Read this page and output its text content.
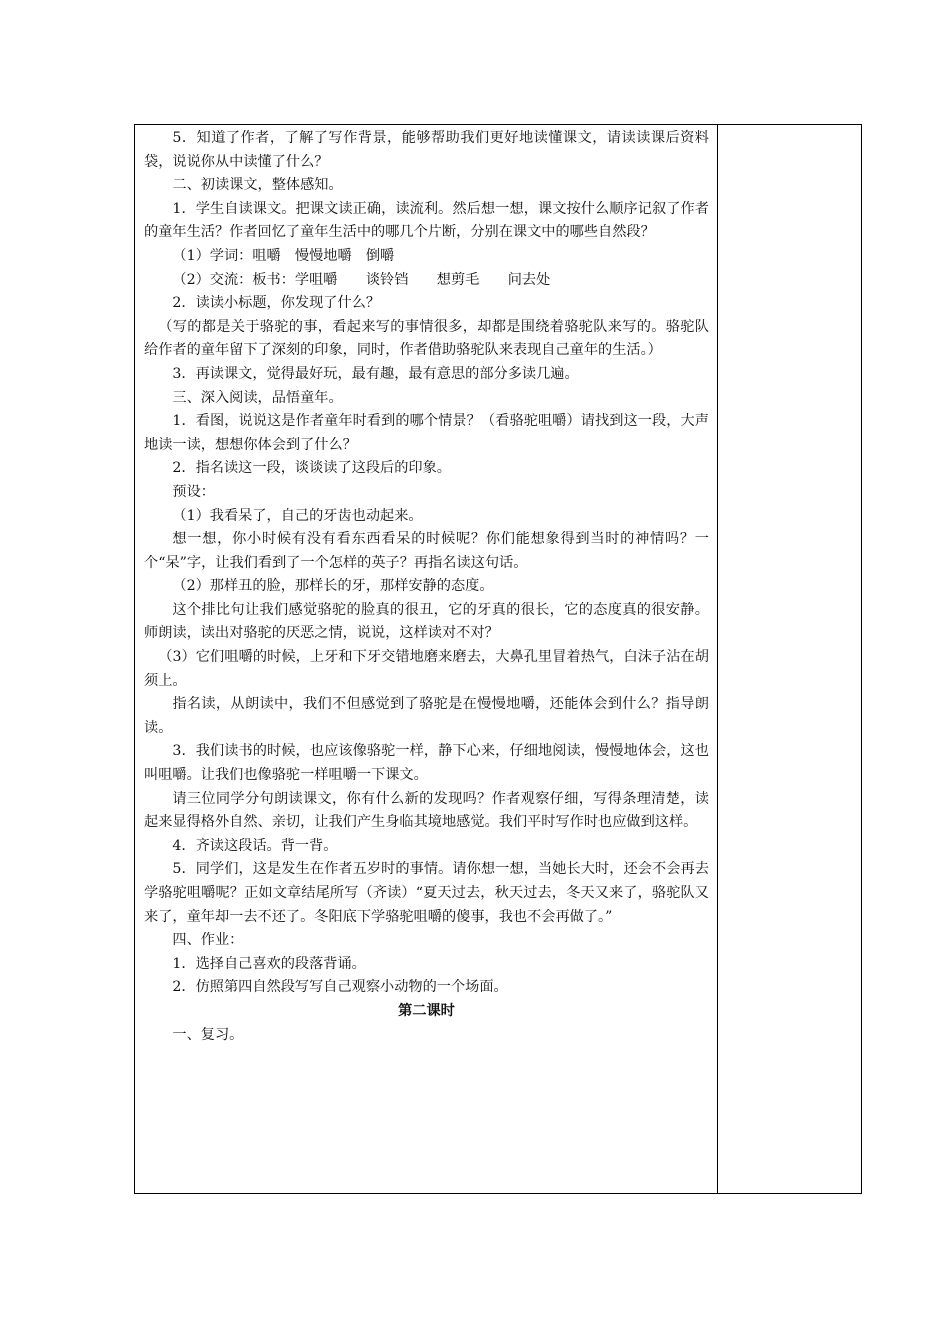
5．知道了作者，了解了写作背景，能够帮助我们更好地读懂课文，请读读课后资料袋，说说你从中读懂了什么？

二、初读课文，整体感知。

1．学生自读课文。把课文读正确，读流利。然后想一想，课文按什么顺序记叙了作者的童年生活？作者回忆了童年生活中的哪几个片断，分别在课文中的哪些自然段？

（1）学词：咀嚼　慢慢地嚼　倒嚼

（2）交流：板书：学咀嚼　　谈铃铛　　想剪毛　　问去处

2．读读小标题，你发现了什么？

（写的都是关于骆驼的事，看起来写的事情很多，却都是围绕着骆驼队来写的。骆驼队给作者的童年留下了深刻的印象，同时，作者借助骆驼队来表现自己童年的生活。）

3．再读课文，觉得最好玩，最有趣，最有意思的部分多读几遍。

三、深入阅读，品悟童年。

1．看图，说说这是作者童年时看到的哪个情景？（看骆驼咀嚼）请找到这一段，大声地读一读，想想你体会到了什么？

2．指名读这一段，谈谈读了这段后的印象。

预设：

（1）我看呆了，自己的牙齿也动起来。

想一想，你小时候有没有看东西看呆的时候呢？你们能想象得到当时的神情吗？一个“呆”字，让我们看到了一个怎样的英子？再指名读这句话。

（2）那样丑的脸，那样长的牙，那样安静的态度。

这个排比句让我们感觉骆驼的脸真的很丑，它的牙真的很长，它的态度真的很安静。师朗读，读出对骆驼的厌恶之情，说说，这样读对不对？

（3）它们咀嚼的时候，上牙和下牙交错地磨来磨去，大鼻孔里冒着热气，白沫子沾在胡须上。

指名读，从朗读中，我们不但感觉到了骆驼是在慢慢地嚼，还能体会到什么？指导朗读。

3．我们读书的时候，也应该像骆驼一样，静下心来，仔细地阅读，慢慢地体会，这也叫咀嚼。让我们也像骆驼一样咀嚼一下课文。

请三位同学分句朗读课文，你有什么新的发现吗？作者观察仔细，写得条理清楚，读起来显得格外自然、亲切，让我们产生身临其境地感觉。我们平时写作时也应做到这样。

4．齐读这段话。背一背。

5．同学们，这是发生在作者五岁时的事情。请你想一想，当她长大时，还会不会再去学骆驼咀嚼呢？正如文章结尾所写（齐读）“夏天过去，秋天过去，冬天又来了，骆驼队又来了，童年却一去不还了。冬阳底下学骆驼咀嚼的傻事，我也不会再做了。”

四、作业：

1．选择自己喜欢的段落背诵。

2．仿照第四自然段写写自己观察小动物的一个场面。

第二课时

一、复习。
